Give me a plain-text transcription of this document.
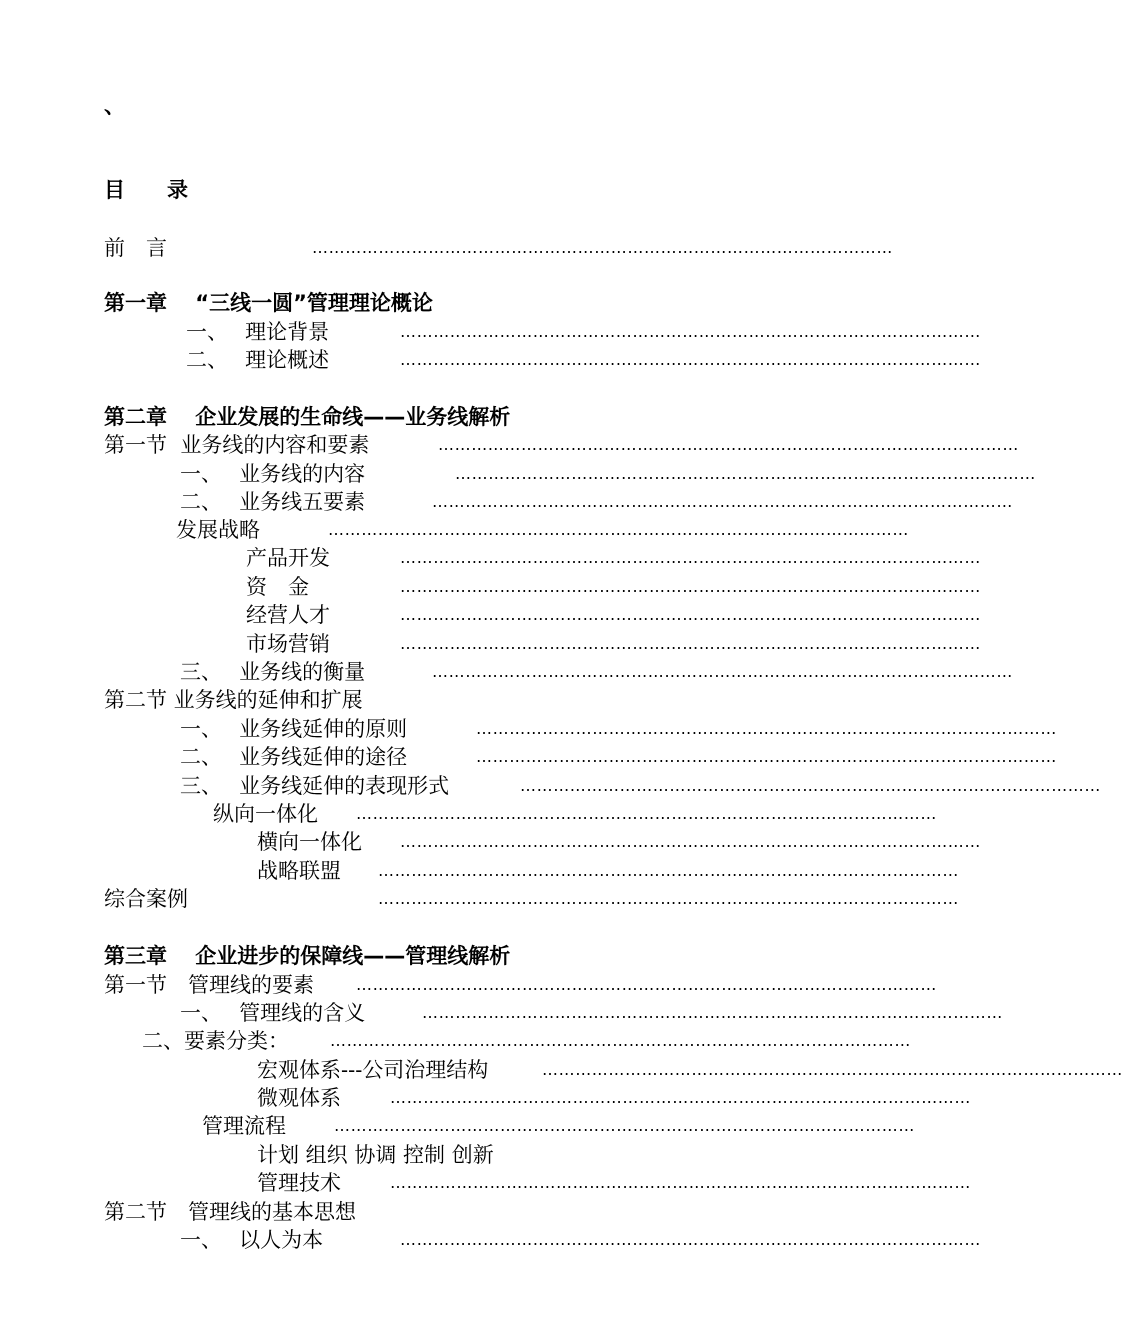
、
目　　录
前　言	……………………………………………………………………………………………
第一章　 “三线一圆”管理理论概论
一、　 理论背景	……………………………………………………………………………………………
二、　 理论概述	……………………………………………………………………………………………
第二章　 企业发展的生命线——业务线解析
第一节  业务线的内容和要素	……………………………………………………………………………………………
一、　 业务线的内容	……………………………………………………………………………………………
二、　 业务线五要素	……………………………………………………………………………………………
发展战略	……………………………………………………………………………………………
产品开发	……………………………………………………………………………………………
资　金	……………………………………………………………………………………………
经营人才	……………………………………………………………………………………………
市场营销	……………………………………………………………………………………………
三、　 业务线的衡量	……………………………………………………………………………………………
第二节 业务线的延伸和扩展
一、　 业务线延伸的原则	……………………………………………………………………………………………
二、　 业务线延伸的途径	……………………………………………………………………………………………
三、　 业务线延伸的表现形式	……………………………………………………………………………………………
纵向一体化 ……………………………………………………………………………………………
横向一体化 ……………………………………………………………………………………………
战略联盟 ……………………………………………………………………………………………
综合案例	……………………………………………………………………………………………
第三章　 企业进步的保障线——管理线解析
第一节　管理线的要素	……………………………………………………………………………………………
一、　 管理线的含义	……………………………………………………………………………………………
二、要素分类：	……………………………………………………………………………………………
宏观体系---公司治理结构	……………………………………………………………………………………………
微观体系	……………………………………………………………………………………………
管理流程	……………………………………………………………………………………………
计划 组织 协调 控制 创新
管理技术	……………………………………………………………………………………………
第二节　管理线的基本思想
一、　 以人为本	……………………………………………………………………………………………
